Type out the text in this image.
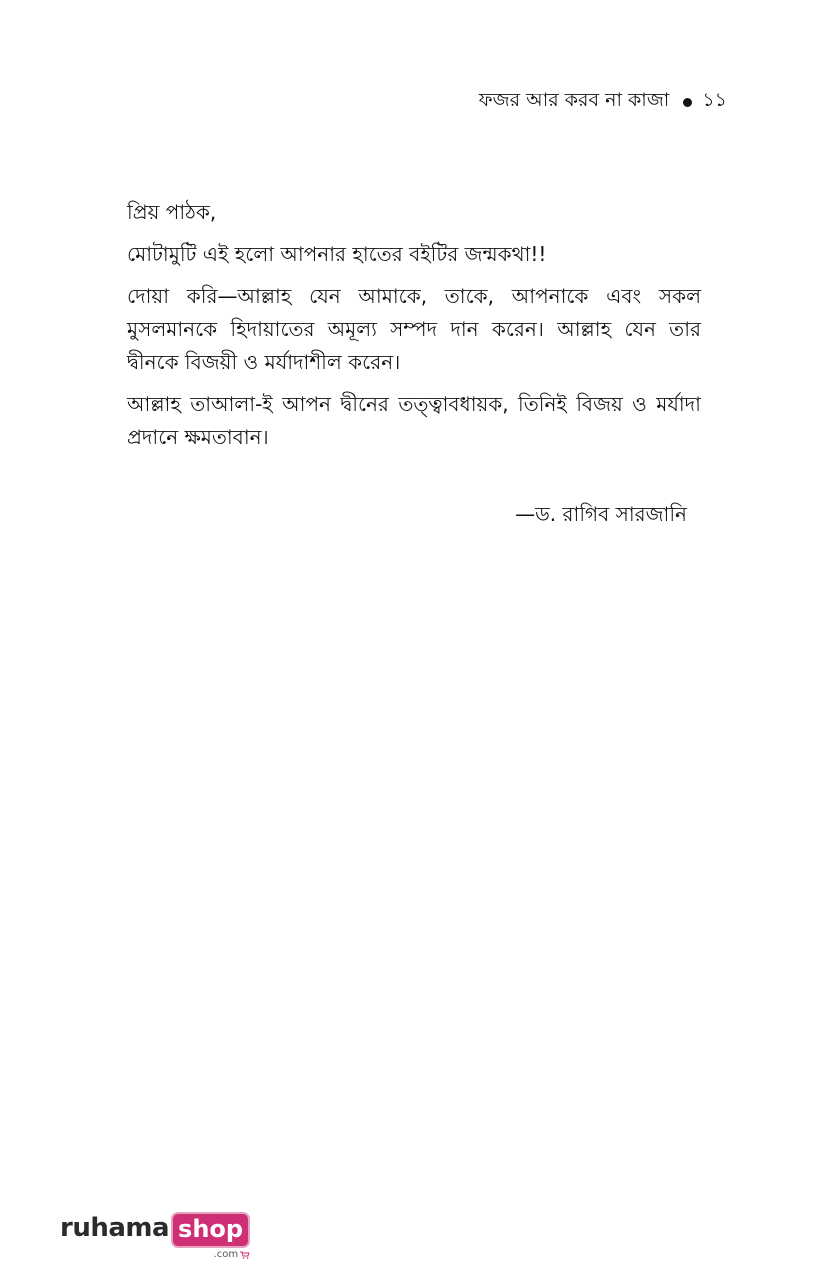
ফজর আর করব না কাজা ১১

প্রিয় পাঠক,

মোটামুটি এই হলো আপনার হাতের বইটির জন্মকথা!!

দোয়া করি—আল্লাহ যেন আমাকে, তাকে, আপনাকে এবং সকল মুসলমানকে হিদায়াতের অমূল্য সম্পদ দান করেন। আল্লাহ যেন তার দ্বীনকে বিজয়ী ও মর্যাদাশীল করেন।

আল্লাহ তাআলা-ই আপন দ্বীনের তত্ত্বাবধায়ক, তিনিই বিজয় ও মর্যাদা প্রদানে ক্ষমতাবান।

—ড. রাগিব সারজানি
ruhama shop
.com
